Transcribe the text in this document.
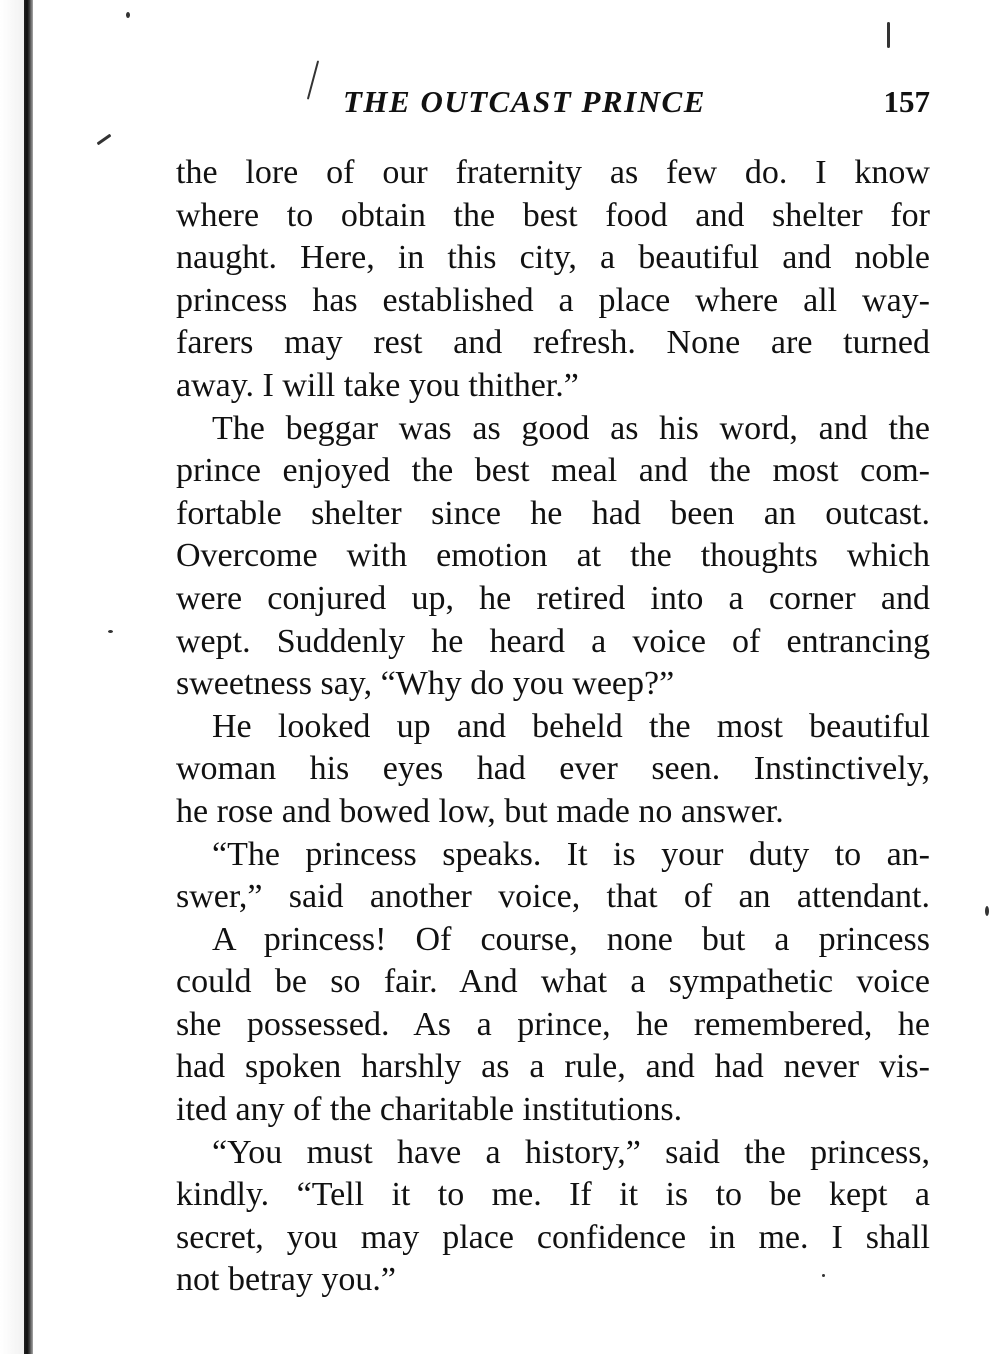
THE OUTCAST PRINCE	157
the lore of our fraternity as few do. I know
where to obtain the best food and shelter for
naught. Here, in this city, a beautiful and noble
princess has established a place where all way-
farers may rest and refresh. None are turned
away. I will take you thither.”
The beggar was as good as his word, and the
prince enjoyed the best meal and the most com-
fortable shelter since he had been an outcast.
Overcome with emotion at the thoughts which
were conjured up, he retired into a corner and
wept. Suddenly he heard a voice of entrancing
sweetness say, “Why do you weep?”
He looked up and beheld the most beautiful
woman his eyes had ever seen. Instinctively,
he rose and bowed low, but made no answer.
“The princess speaks. It is your duty to an-
swer,” said another voice, that of an attendant.
A princess! Of course, none but a princess
could be so fair. And what a sympathetic voice
she possessed. As a prince, he remembered, he
had spoken harshly as a rule, and had never vis-
ited any of the charitable institutions.
“You must have a history,” said the princess,
kindly. “Tell it to me. If it is to be kept a
secret, you may place confidence in me. I shall
not betray you.”
